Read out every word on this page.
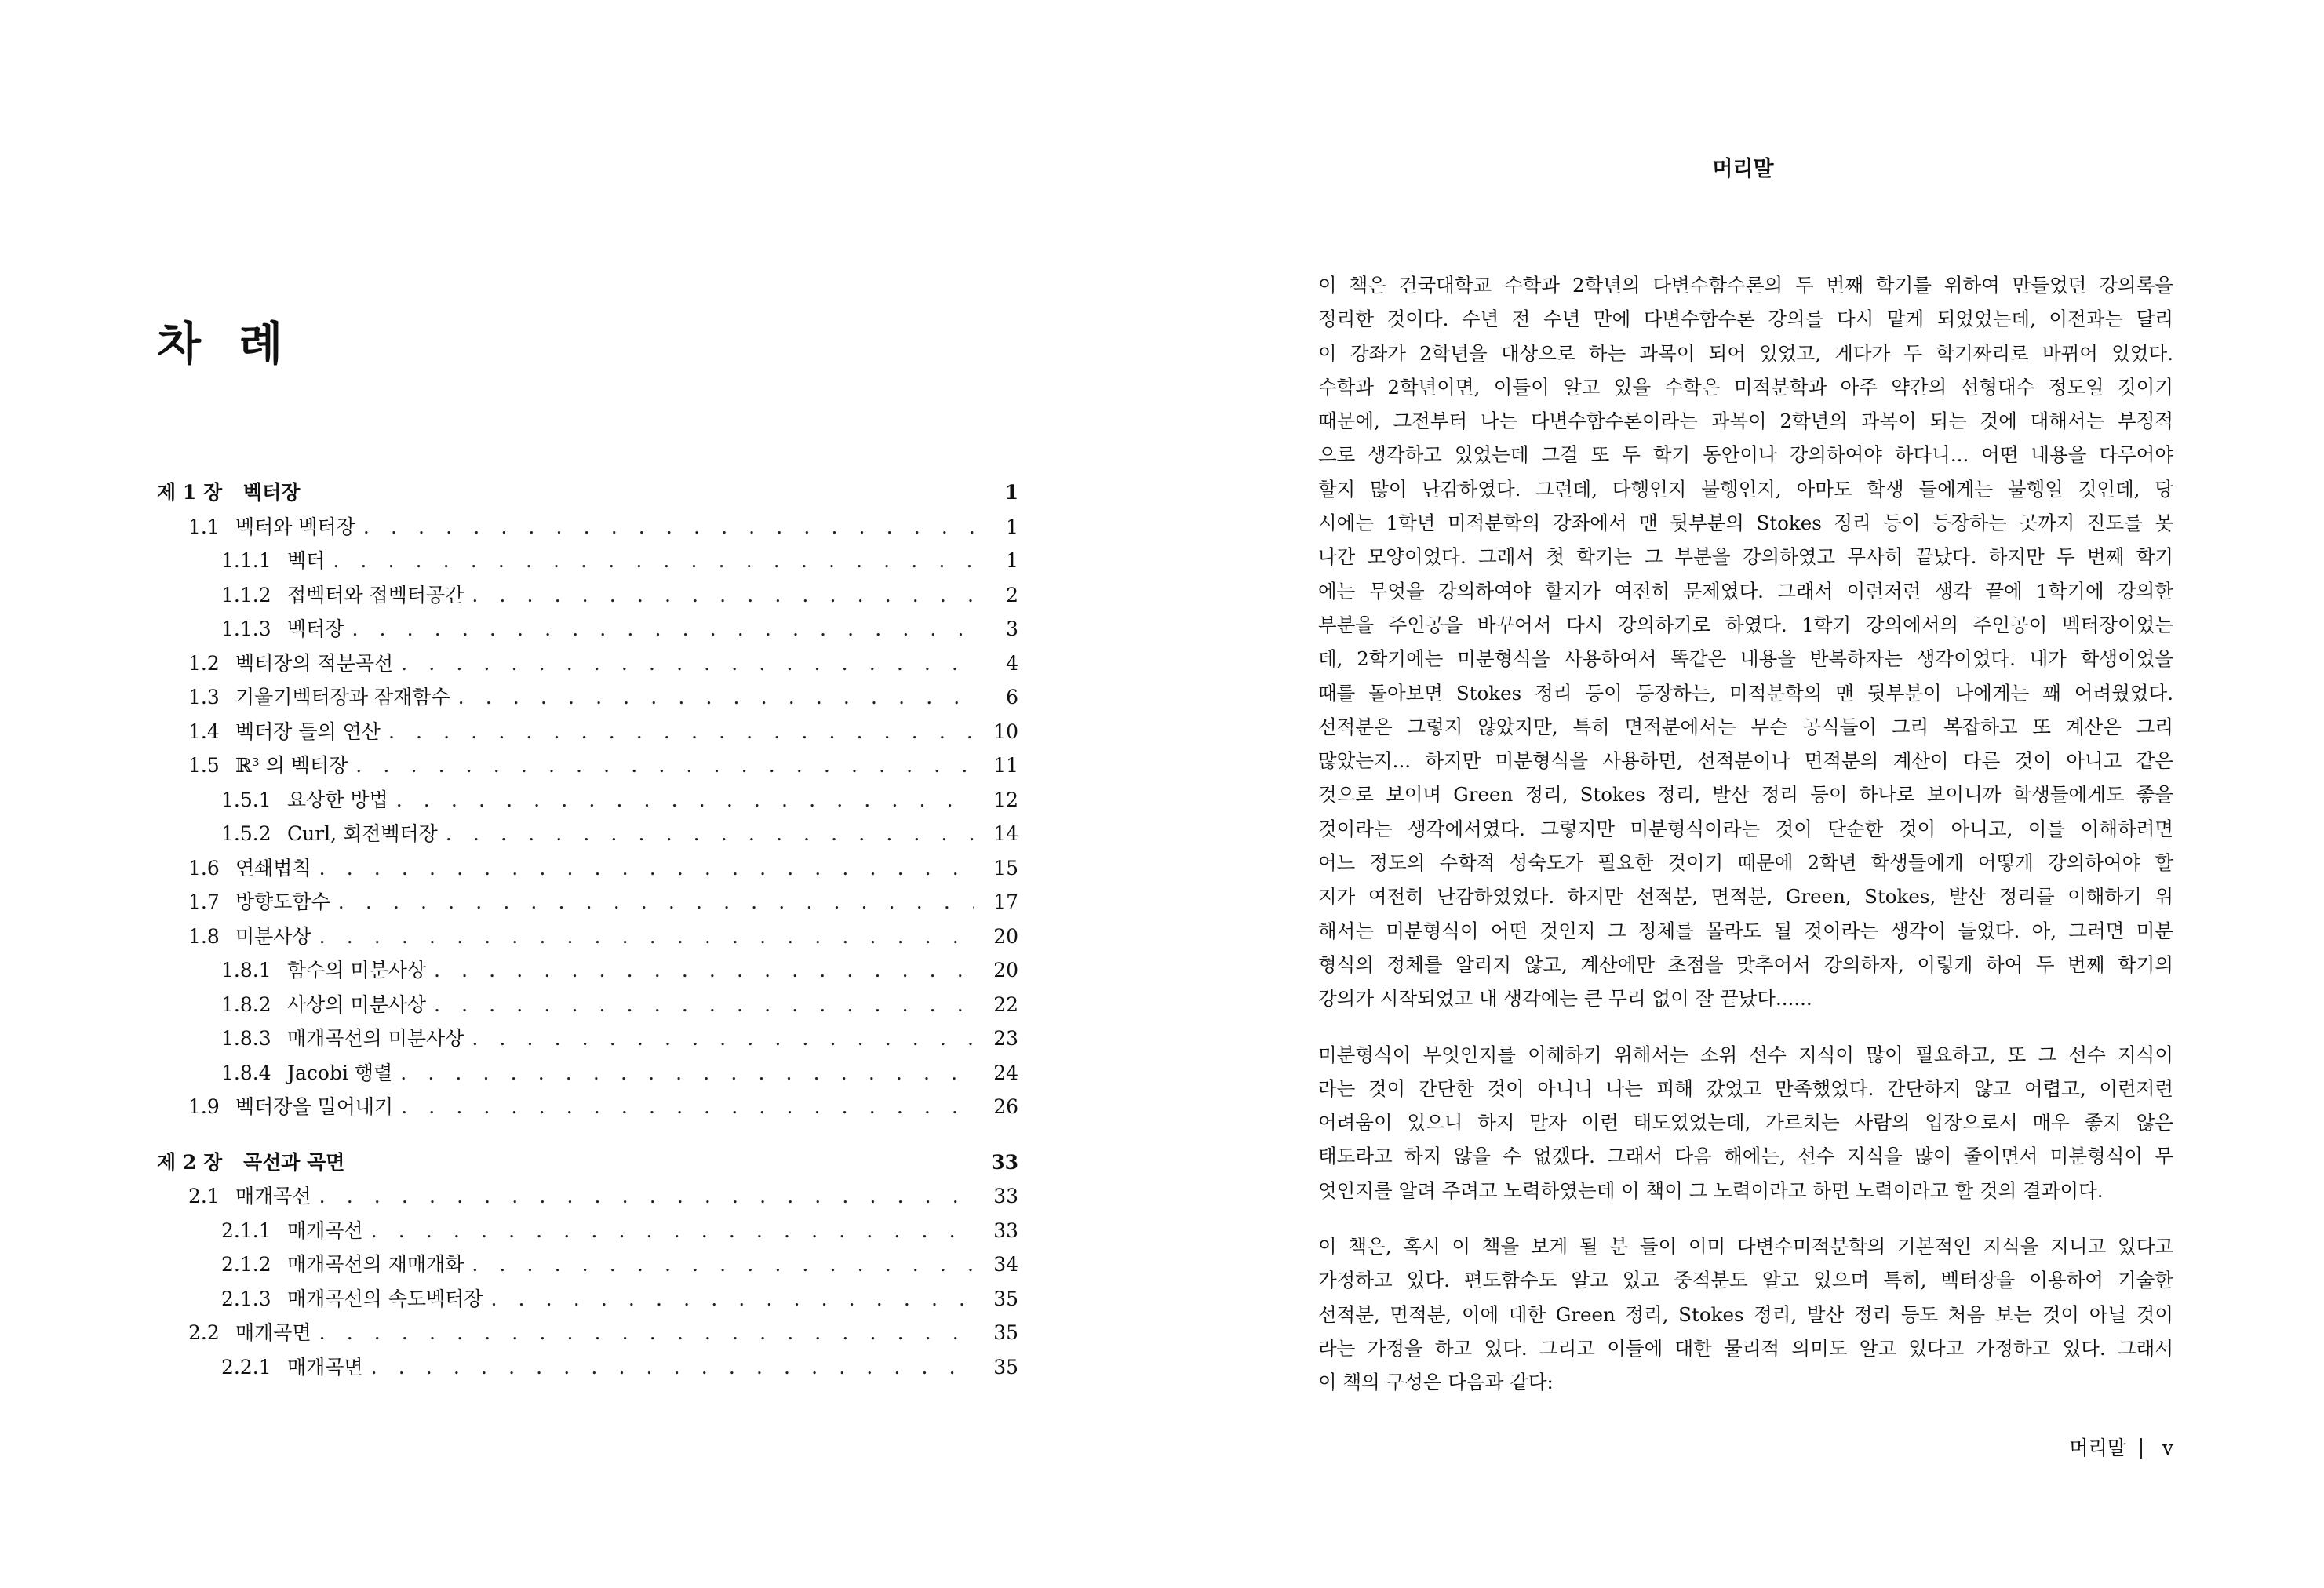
차 례
제 1 장	벡터장	1
1.1 벡터와 벡터장 . . .	1
1.1.1 벡터 . . .	1
1.1.2 접벡터와 접벡터공간 . . .	2
1.1.3 벡터장 . . .	3
1.2 벡터장의 적분곡선 . . .	4
1.3 기울기벡터장과 잠재함수 . . .	6
1.4 벡터장 들의 연산 . . .	10
1.5 ℝ³ 의 벡터장 . . .	11
1.5.1 요상한 방법 . . .	12
1.5.2 Curl, 회전벡터장 . . .	14
1.6 연쇄법칙 . . .	15
1.7 방향도함수 . . .	17
1.8 미분사상 . . .	20
1.8.1 함수의 미분사상 . . .	20
1.8.2 사상의 미분사상 . . .	22
1.8.3 매개곡선의 미분사상 . . .	23
1.8.4 Jacobi 행렬 . . .	24
1.9 벡터장을 밀어내기 . . .	26
제 2 장	곡선과 곡면	33
2.1 매개곡선 . . .	33
2.1.1 매개곡선 . . .	33
2.1.2 매개곡선의 재매개화 . . .	34
2.1.3 매개곡선의 속도벡터장 . . .	35
2.2 매개곡면 . . .	35
2.2.1 매개곡면 . . .	35
머리말
이 책은 건국대학교 수학과 2학년의 다변수함수론의 두 번째 학기를 위하여 만들었던 강의록을
정리한 것이다. 수년 전 수년 만에 다변수함수론 강의를 다시 맡게 되었었는데, 이전과는 달리
이 강좌가 2학년을 대상으로 하는 과목이 되어 있었고, 게다가 두 학기짜리로 바뀌어 있었다.
수학과 2학년이면, 이들이 알고 있을 수학은 미적분학과 아주 약간의 선형대수 정도일 것이기
때문에, 그전부터 나는 다변수함수론이라는 과목이 2학년의 과목이 되는 것에 대해서는 부정적
으로 생각하고 있었는데 그걸 또 두 학기 동안이나 강의하여야 하다니... 어떤 내용을 다루어야
할지 많이 난감하였다. 그런데, 다행인지 불행인지, 아마도 학생 들에게는 불행일 것인데, 당
시에는 1학년 미적분학의 강좌에서 맨 뒷부분의 Stokes 정리 등이 등장하는 곳까지 진도를 못
나간 모양이었다. 그래서 첫 학기는 그 부분을 강의하였고 무사히 끝났다. 하지만 두 번째 학기
에는 무엇을 강의하여야 할지가 여전히 문제였다. 그래서 이런저런 생각 끝에 1학기에 강의한
부분을 주인공을 바꾸어서 다시 강의하기로 하였다. 1학기 강의에서의 주인공이 벡터장이었는
데, 2학기에는 미분형식을 사용하여서 똑같은 내용을 반복하자는 생각이었다. 내가 학생이었을
때를 돌아보면 Stokes 정리 등이 등장하는, 미적분학의 맨 뒷부분이 나에게는 꽤 어려웠었다.
선적분은 그렇지 않았지만, 특히 면적분에서는 무슨 공식들이 그리 복잡하고 또 계산은 그리
많았는지... 하지만 미분형식을 사용하면, 선적분이나 면적분의 계산이 다른 것이 아니고 같은
것으로 보이며 Green 정리, Stokes 정리, 발산 정리 등이 하나로 보이니까 학생들에게도 좋을
것이라는 생각에서였다. 그렇지만 미분형식이라는 것이 단순한 것이 아니고, 이를 이해하려면
어느 정도의 수학적 성숙도가 필요한 것이기 때문에 2학년 학생들에게 어떻게 강의하여야 할
지가 여전히 난감하였었다. 하지만 선적분, 면적분, Green, Stokes, 발산 정리를 이해하기 위
해서는 미분형식이 어떤 것인지 그 정체를 몰라도 될 것이라는 생각이 들었다. 아, 그러면 미분
형식의 정체를 알리지 않고, 계산에만 초점을 맞추어서 강의하자, 이렇게 하여 두 번째 학기의
강의가 시작되었고 내 생각에는 큰 무리 없이 잘 끝났다......
미분형식이 무엇인지를 이해하기 위해서는 소위 선수 지식이 많이 필요하고, 또 그 선수 지식이
라는 것이 간단한 것이 아니니 나는 피해 갔었고 만족했었다. 간단하지 않고 어렵고, 이런저런
어려움이 있으니 하지 말자 이런 태도였었는데, 가르치는 사람의 입장으로서 매우 좋지 않은
태도라고 하지 않을 수 없겠다. 그래서 다음 해에는, 선수 지식을 많이 줄이면서 미분형식이 무
엇인지를 알려 주려고 노력하였는데 이 책이 그 노력이라고 하면 노력이라고 할 것의 결과이다.
이 책은, 혹시 이 책을 보게 될 분 들이 이미 다변수미적분학의 기본적인 지식을 지니고 있다고
가정하고 있다. 편도함수도 알고 있고 중적분도 알고 있으며 특히, 벡터장을 이용하여 기술한
선적분, 면적분, 이에 대한 Green 정리, Stokes 정리, 발산 정리 등도 처음 보는 것이 아닐 것이
라는 가정을 하고 있다. 그리고 이들에 대한 물리적 의미도 알고 있다고 가정하고 있다. 그래서
이 책의 구성은 다음과 같다:
머리말 v
